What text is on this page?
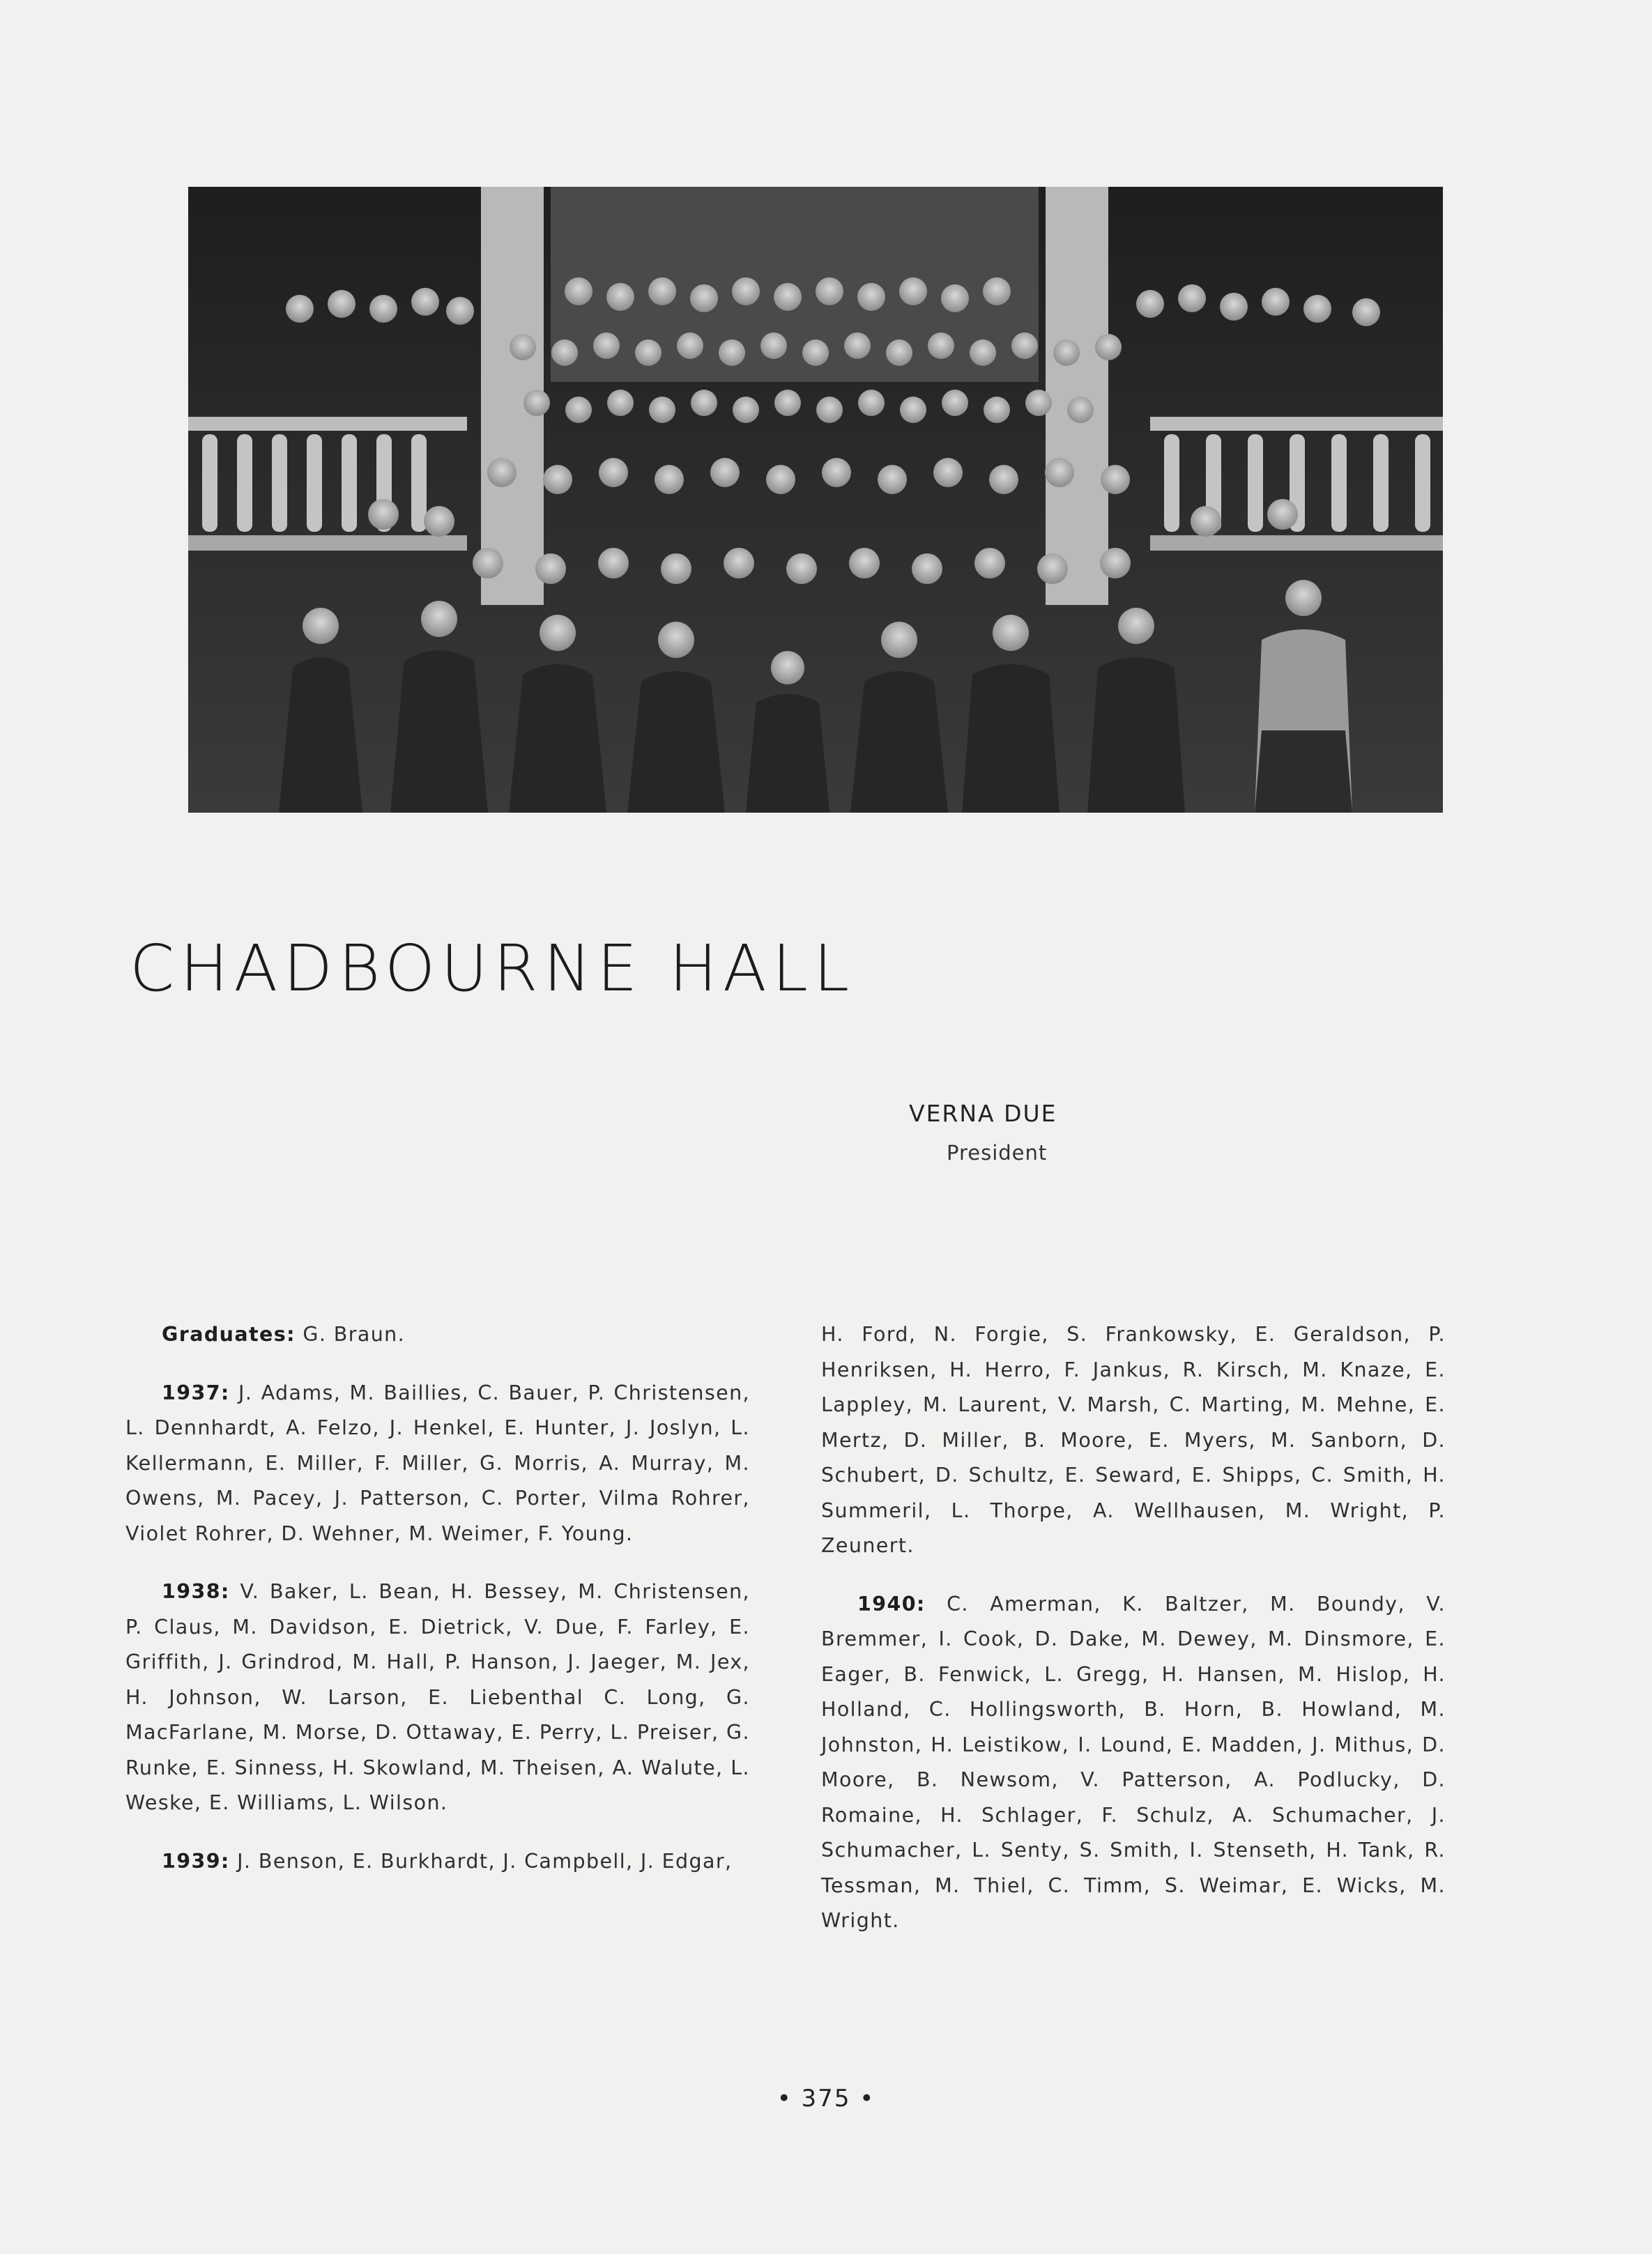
CHADBOURNE HALL
VERNA DUE
President

Graduates: G. Braun.

1937: J. Adams, M. Baillies, C. Bauer, P. Christensen, L. Dennhardt, A. Felzo, J. Henkel, E. Hunter, J. Joslyn, L. Kellermann, E. Miller, F. Miller, G. Morris, A. Murray, M. Owens, M. Pacey, J. Patterson, C. Porter, Vilma Rohrer, Violet Rohrer, D. Wehner, M. Weimer, F. Young.

1938: V. Baker, L. Bean, H. Bessey, M. Christensen, P. Claus, M. Davidson, E. Dietrick, V. Due, F. Farley, E. Griffith, J. Grindrod, M. Hall, P. Hanson, J. Jaeger, M. Jex, H. Johnson, W. Larson, E. Liebenthal C. Long, G. MacFarlane, M. Morse, D. Ottaway, E. Perry, L. Preiser, G. Runke, E. Sinness, H. Skowland, M. Theisen, A. Walute, L. Weske, E. Williams, L. Wilson.

1939: J. Benson, E. Burkhardt, J. Campbell, J. Edgar,

H. Ford, N. Forgie, S. Frankowsky, E. Geraldson, P. Henriksen, H. Herro, F. Jankus, R. Kirsch, M. Knaze, E. Lappley, M. Laurent, V. Marsh, C. Marting, M. Mehne, E. Mertz, D. Miller, B. Moore, E. Myers, M. Sanborn, D. Schubert, D. Schultz, E. Seward, E. Shipps, C. Smith, H. Summeril, L. Thorpe, A. Wellhausen, M. Wright, P. Zeunert.

1940: C. Amerman, K. Baltzer, M. Boundy, V. Bremmer, I. Cook, D. Dake, M. Dewey, M. Dinsmore, E. Eager, B. Fenwick, L. Gregg, H. Hansen, M. Hislop, H. Holland, C. Hollingsworth, B. Horn, B. Howland, M. Johnston, H. Leistikow, I. Lound, E. Madden, J. Mithus, D. Moore, B. Newsom, V. Patterson, A. Podlucky, D. Romaine, H. Schlager, F. Schulz, A. Schumacher, J. Schumacher, L. Senty, S. Smith, I. Stenseth, H. Tank, R. Tessman, M. Thiel, C. Timm, S. Weimar, E. Wicks, M. Wright.

• 375 •
